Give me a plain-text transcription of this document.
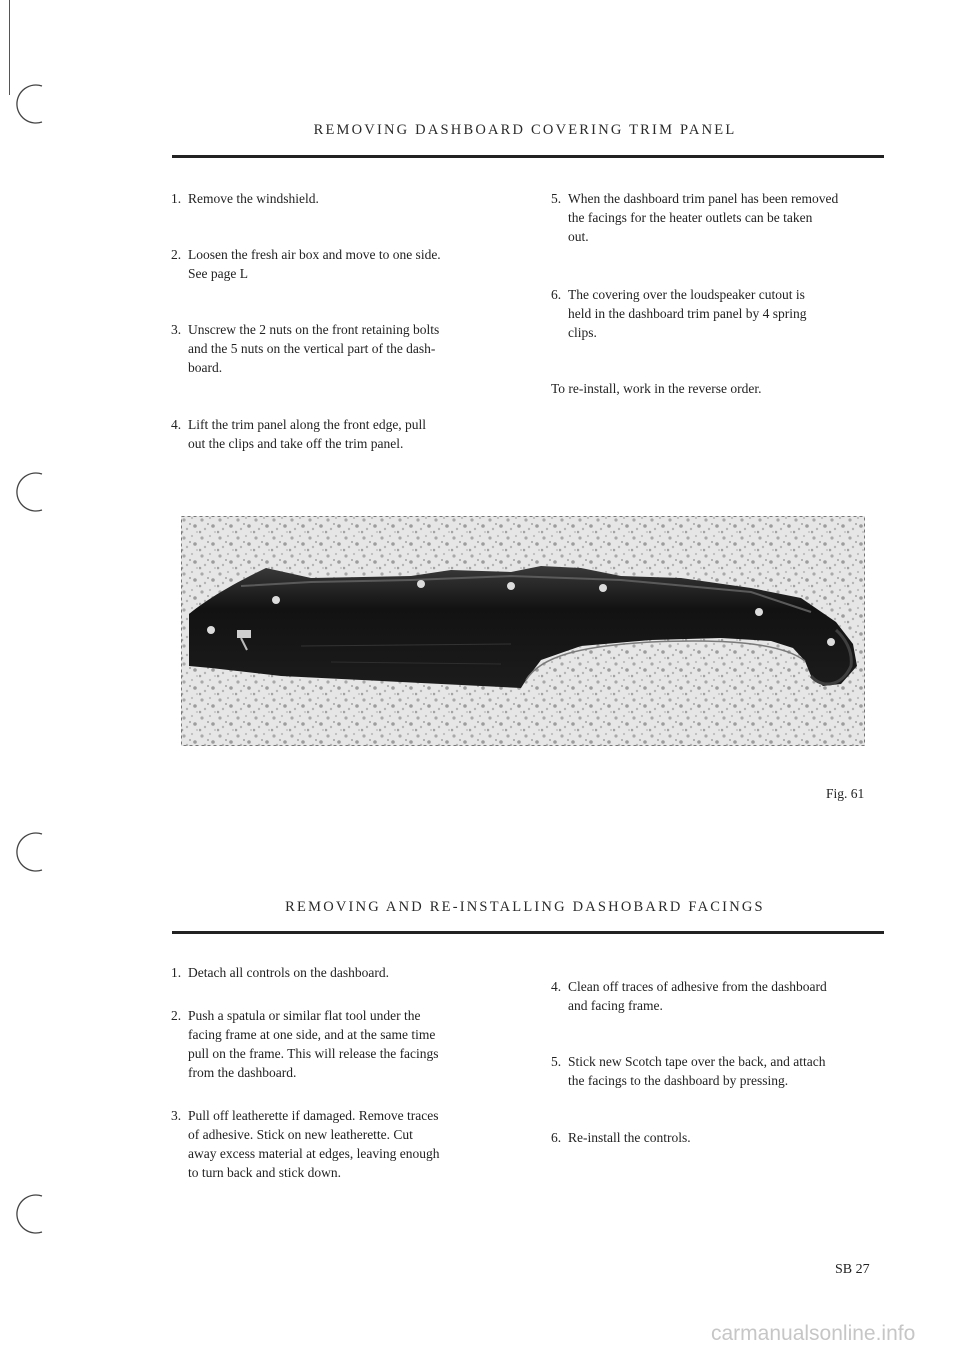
REMOVING DASHBOARD COVERING TRIM PANEL
1. Remove the windshield.
2. Loosen the fresh air box and move to one side.
See page L
3. Unscrew the 2 nuts on the front retaining bolts
and the 5 nuts on the vertical part of the dash-
board.
4. Lift the trim panel along the front edge, pull
out the clips and take off the trim panel.
5. When the dashboard trim panel has been removed
the facings for the heater outlets can be taken
out.
6. The covering over the loudspeaker cutout is
held in the dashboard trim panel by 4 spring
clips.
To re-install, work in the reverse order.
Fig. 61
REMOVING AND RE-INSTALLING DASHOBARD FACINGS
1. Detach all controls on the dashboard.
2. Push a spatula or similar flat tool under the
facing frame at one side, and at the same time
pull on the frame. This will release the facings
from the dashboard.
3. Pull off leatherette if damaged. Remove traces
of adhesive. Stick on new leatherette. Cut
away excess material at edges, leaving enough
to turn back and stick down.
4. Clean off traces of adhesive from the dashboard
and facing frame.
5. Stick new Scotch tape over the back, and attach
the facings to the dashboard by pressing.
6. Re-install the controls.
SB 27
carmanualsonline.info
